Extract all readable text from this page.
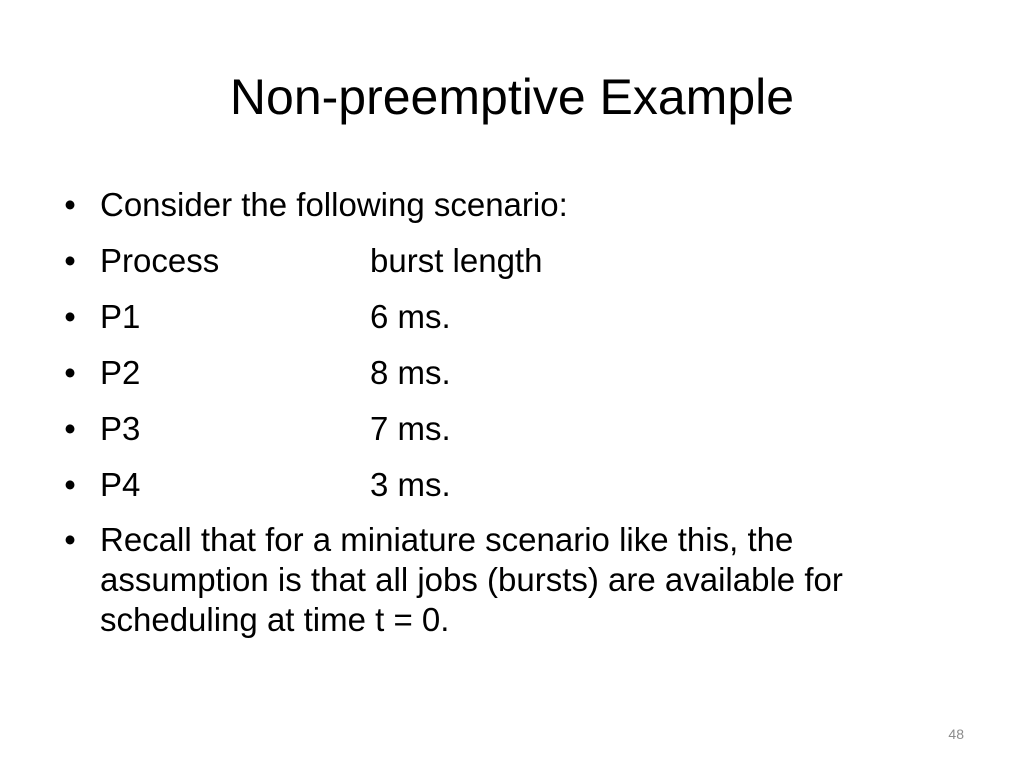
Non-preemptive Example
• Consider the following scenario:
• Process	burst length
• P1	6 ms.
• P2	8 ms.
• P3	7 ms.
• P4	3 ms.
• Recall that for a miniature scenario like this, the assumption is that all jobs (bursts) are available for scheduling at time t = 0.
48
